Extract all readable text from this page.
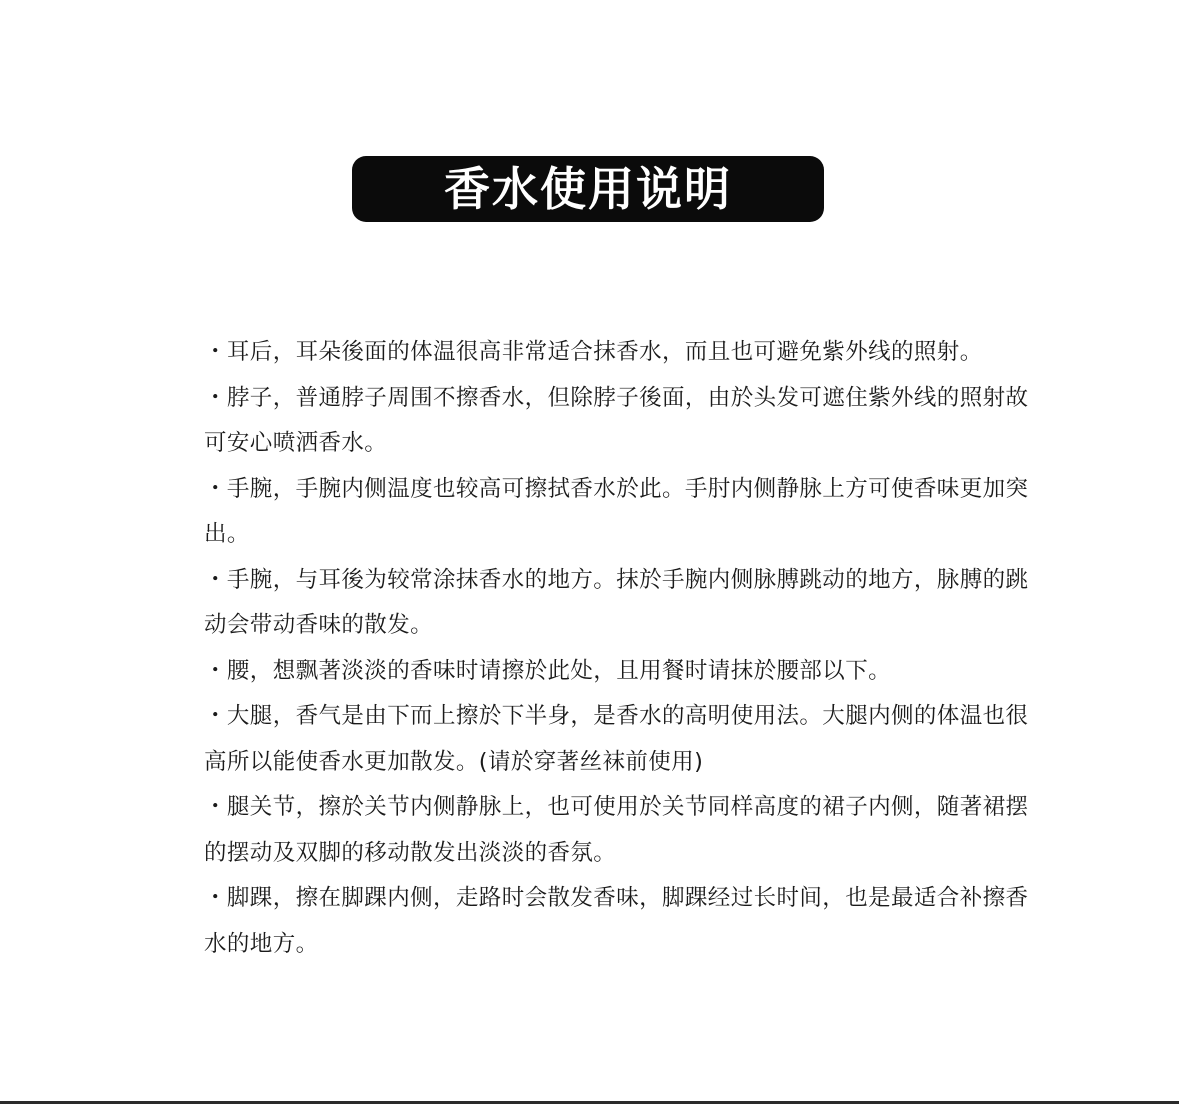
香水使用说明

・耳后，耳朵後面的体温很高非常适合抹香水，而且也可避免紫外线的照射。

・脖子，普通脖子周围不擦香水，但除脖子後面，由於头发可遮住紫外线的照射故可安心喷洒香水。

・手腕，手腕内侧温度也较高可擦拭香水於此。手肘内侧静脉上方可使香味更加突出。

・手腕，与耳後为较常涂抹香水的地方。抹於手腕内侧脉膊跳动的地方，脉膊的跳动会带动香味的散发。

・腰，想飘著淡淡的香味时请擦於此处，且用餐时请抹於腰部以下。

・大腿，香气是由下而上擦於下半身，是香水的高明使用法。大腿内侧的体温也很高所以能使香水更加散发。(请於穿著丝袜前使用)

・腿关节，擦於关节内侧静脉上，也可使用於关节同样高度的裙子内侧，随著裙摆的摆动及双脚的移动散发出淡淡的香氛。

・脚踝，擦在脚踝内侧，走路时会散发香味，脚踝经过长时间，也是最适合补擦香水的地方。
